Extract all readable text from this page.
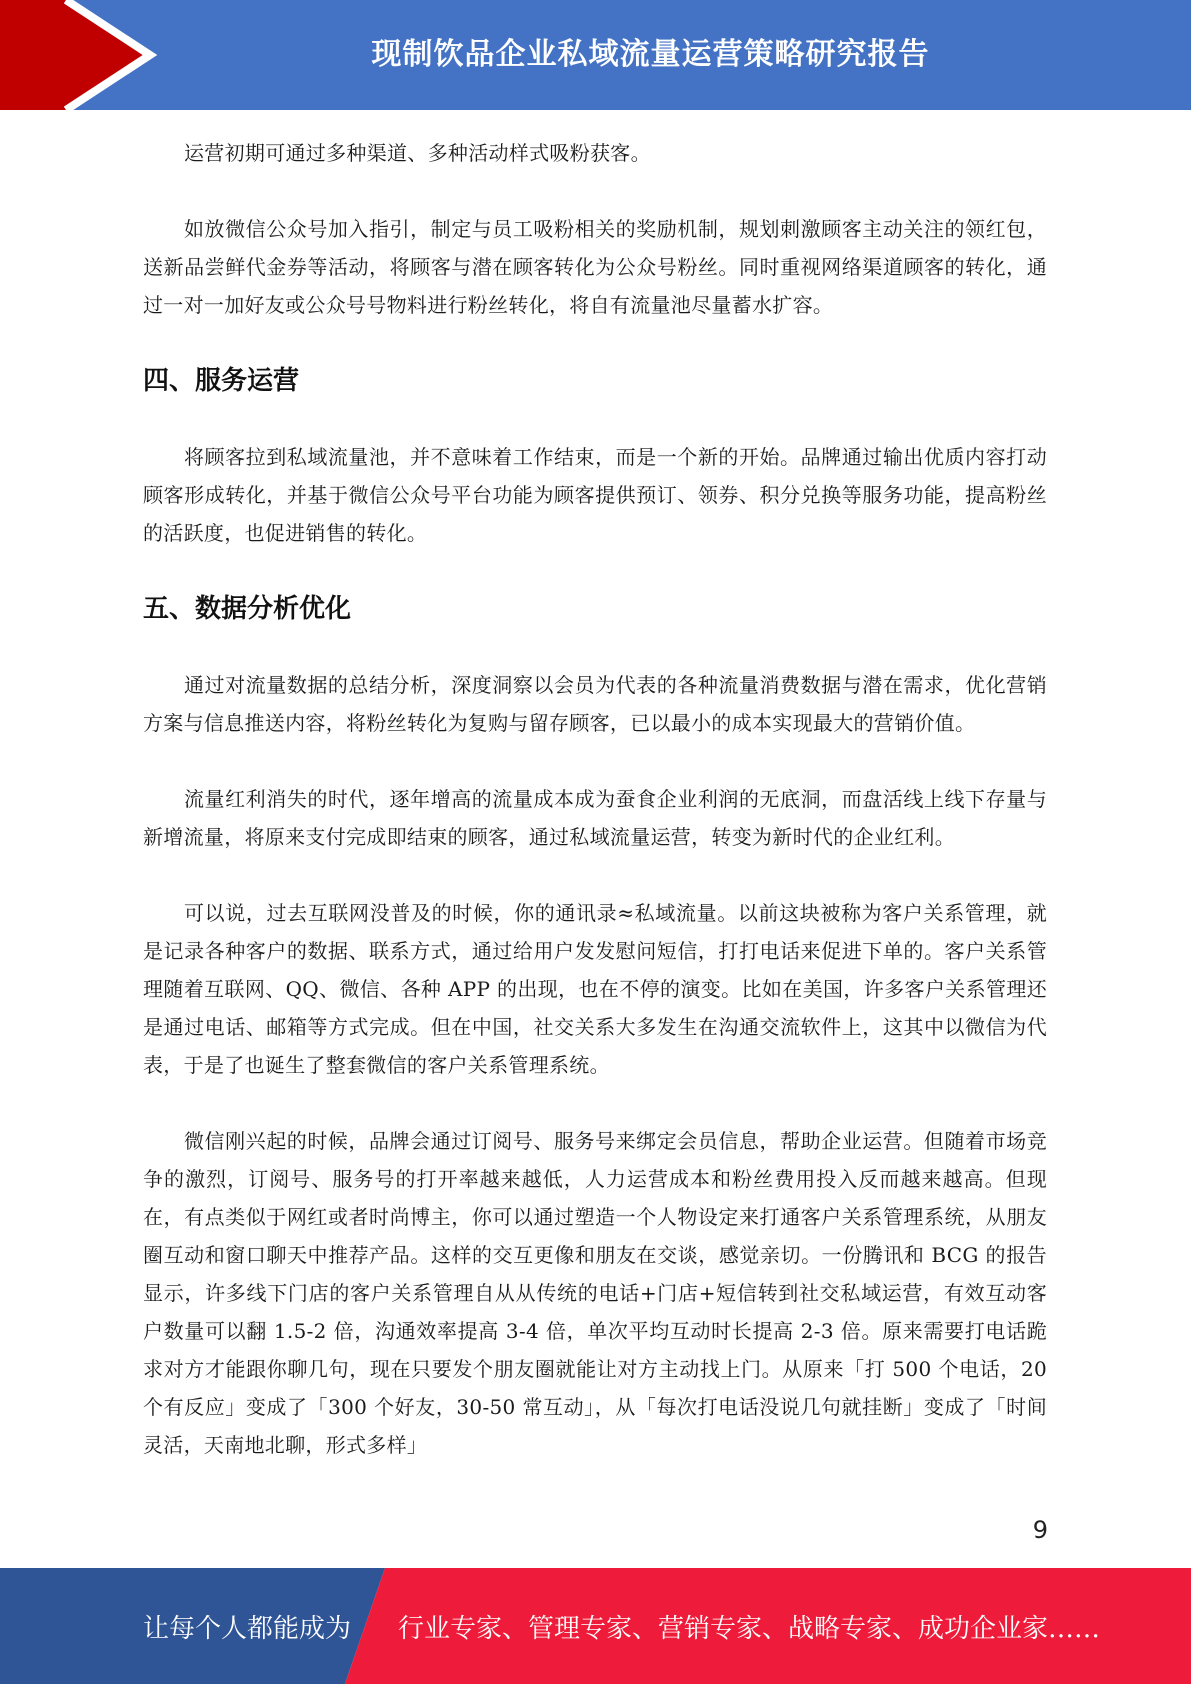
现制饮品企业私域流量运营策略研究报告

运营初期可通过多种渠道、多种活动样式吸粉获客。

如放微信公众号加入指引，制定与员工吸粉相关的奖励机制，规划刺激顾客主动关注的领红包，送新品尝鲜代金券等活动，将顾客与潜在顾客转化为公众号粉丝。同时重视网络渠道顾客的转化，通过一对一加好友或公众号号物料进行粉丝转化，将自有流量池尽量蓄水扩容。

四、服务运营

将顾客拉到私域流量池，并不意味着工作结束，而是一个新的开始。品牌通过输出优质内容打动顾客形成转化，并基于微信公众号平台功能为顾客提供预订、领券、积分兑换等服务功能，提高粉丝的活跃度，也促进销售的转化。

五、数据分析优化

通过对流量数据的总结分析，深度洞察以会员为代表的各种流量消费数据与潜在需求，优化营销方案与信息推送内容，将粉丝转化为复购与留存顾客，已以最小的成本实现最大的营销价值。

流量红利消失的时代，逐年增高的流量成本成为蚕食企业利润的无底洞，而盘活线上线下存量与新增流量，将原来支付完成即结束的顾客，通过私域流量运营，转变为新时代的企业红利。

可以说，过去互联网没普及的时候，你的通讯录≈私域流量。以前这块被称为客户关系管理，就是记录各种客户的数据、联系方式，通过给用户发发慰问短信，打打电话来促进下单的。客户关系管理随着互联网、QQ、微信、各种 APP 的出现，也在不停的演变。比如在美国，许多客户关系管理还是通过电话、邮箱等方式完成。但在中国，社交关系大多发生在沟通交流软件上，这其中以微信为代表，于是了也诞生了整套微信的客户关系管理系统。

微信刚兴起的时候，品牌会通过订阅号、服务号来绑定会员信息，帮助企业运营。但随着市场竞争的激烈，订阅号、服务号的打开率越来越低，人力运营成本和粉丝费用投入反而越来越高。但现在，有点类似于网红或者时尚博主，你可以通过塑造一个人物设定来打通客户关系管理系统，从朋友圈互动和窗口聊天中推荐产品。这样的交互更像和朋友在交谈，感觉亲切。一份腾讯和 BCG 的报告显示，许多线下门店的客户关系管理自从从传统的电话+门店+短信转到社交私域运营，有效互动客户数量可以翻 1.5-2 倍，沟通效率提高 3-4 倍，单次平均互动时长提高 2-3 倍。原来需要打电话跪求对方才能跟你聊几句，现在只要发个朋友圈就能让对方主动找上门。从原来「打 500 个电话，20 个有反应」变成了「300 个好友，30-50 常互动」，从「每次打电话没说几句就挂断」变成了「时间灵活，天南地北聊，形式多样」

9
让每个人都能成为 行业专家、管理专家、营销专家、战略专家、成功企业家……
